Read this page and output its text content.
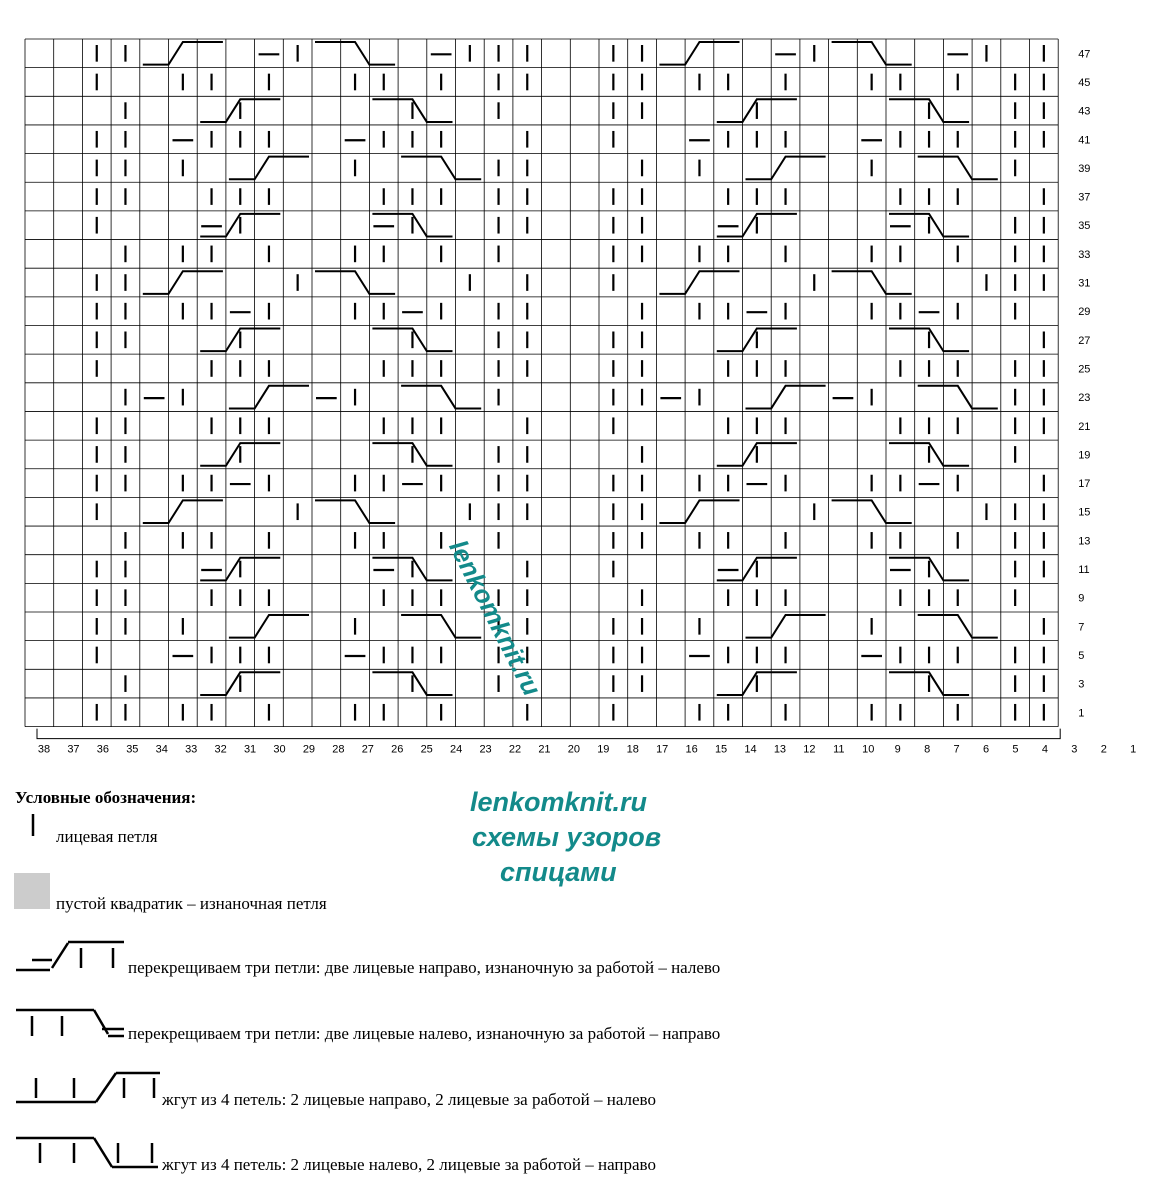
47
45
43
41
39
37
35
33
31
29
27
25
23
21
19
17
15
13
11
9
7
5
3
1
38 37 36 35 34 33 32 31 30 29 28 27 26 25 24 23 22 21 20 19 18 17 16 15 14 13 12 11 10 9 8 7 6 5 4 3 2 1
lenkomknit.ru
Условные обозначения:	lenkomknit.ru
схемы узоров
спицами
лицевая петля
пустой квадратик – изнаночная петля
перекрещиваем три петли: две лицевые направо, изнаночную за работой – налево
перекрещиваем три петли: две лицевые налево, изнаночную за работой – направо
жгут из 4 петель: 2 лицевые направо, 2 лицевые за работой – налево
жгут из 4 петель: 2 лицевые налево, 2 лицевые за работой – направо
